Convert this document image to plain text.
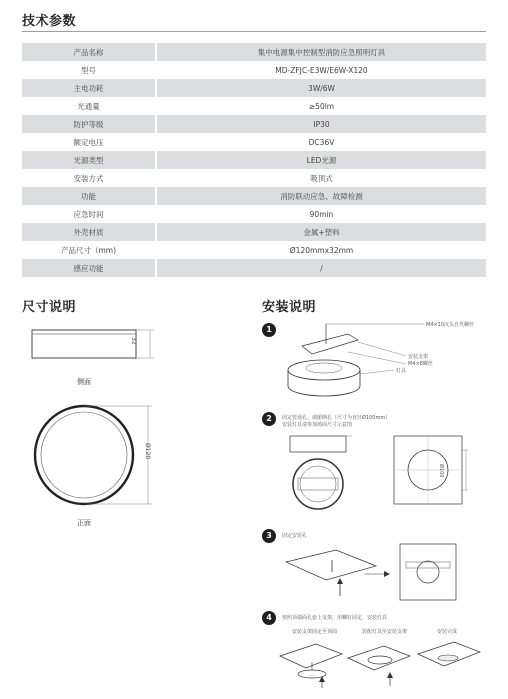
技术参数
产品名称	集中电源集中控制型消防应急照明灯具
型号	MD-ZFJC-E3W/E6W-X120
主电功耗	3W/6W
光通量	≥50lm
防护等级	IP30
额定电压	DC36V
光源类型	LED光源
安装方式	吸顶式
功能	消防联动应急、故障检测
应急时间	90min
外壳材质	金属+塑料
产品尺寸（mm)	Ø120mmx32mm
感应功能	/
尺寸说明
32
侧面
Ø120
正面
安装说明
1	M4×10沉头自攻螺丝
安装支架
M4×8螺丝
灯具
2	固定管通孔、调節開孔（尺寸为直径Ø100mm）
安装灯具请参加场面尺寸示意图
Ø100
3	固定安装孔
4	按照顶端面孔套上支架，用螺钉固定，安装灯具
安装支架固定至顶面	装配灯具至安装支架	安装完成
